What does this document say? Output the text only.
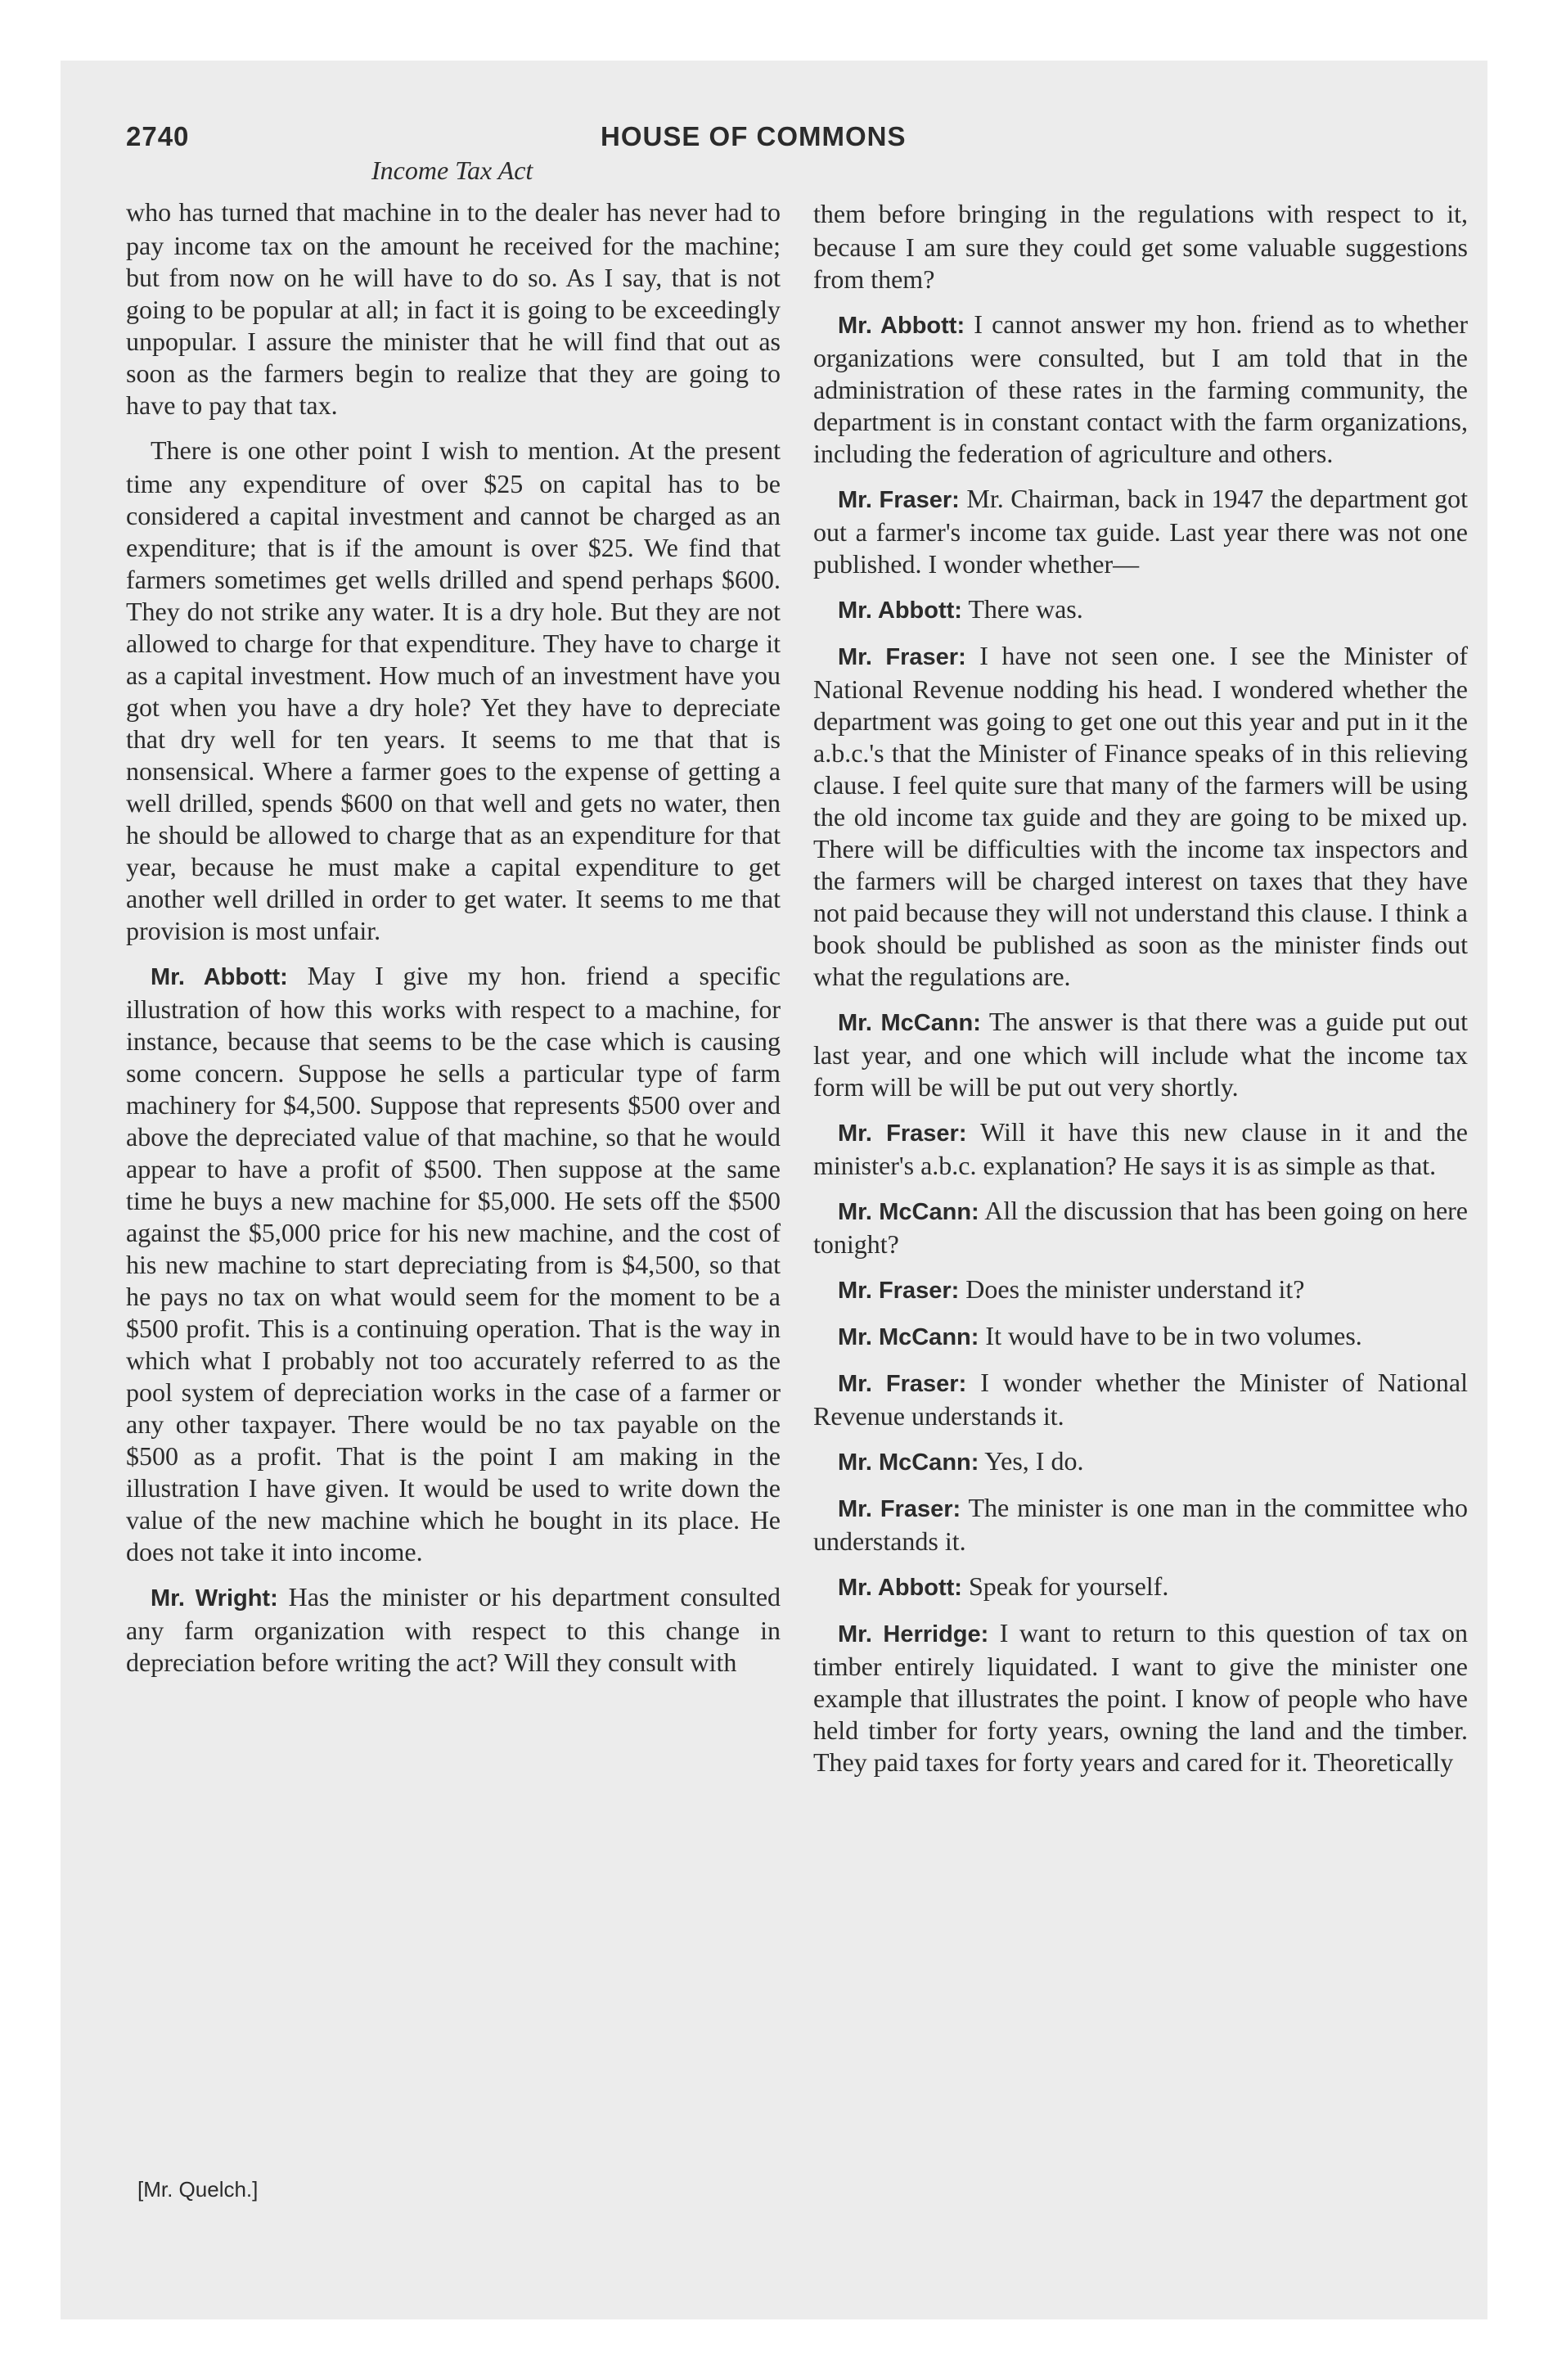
2740	HOUSE OF COMMONS
Income Tax Act

who has turned that machine in to the dealer has never had to pay income tax on the amount he received for the machine; but from now on he will have to do so. As I say, that is not going to be popular at all; in fact it is going to be exceedingly unpopular. I assure the minister that he will find that out as soon as the farmers begin to realize that they are going to have to pay that tax.

There is one other point I wish to mention. At the present time any expenditure of over $25 on capital has to be considered a capital investment and cannot be charged as an expenditure; that is if the amount is over $25. We find that farmers sometimes get wells drilled and spend perhaps $600. They do not strike any water. It is a dry hole. But they are not allowed to charge for that expenditure. They have to charge it as a capital investment. How much of an investment have you got when you have a dry hole? Yet they have to depreciate that dry well for ten years. It seems to me that that is nonsensical. Where a farmer goes to the expense of getting a well drilled, spends $600 on that well and gets no water, then he should be allowed to charge that as an expenditure for that year, because he must make a capital expenditure to get another well drilled in order to get water. It seems to me that provision is most unfair.

Mr. Abbott: May I give my hon. friend a specific illustration of how this works with respect to a machine, for instance, because that seems to be the case which is causing some concern. Suppose he sells a particular type of farm machinery for $4,500. Suppose that represents $500 over and above the depreciated value of that machine, so that he would appear to have a profit of $500. Then suppose at the same time he buys a new machine for $5,000. He sets off the $500 against the $5,000 price for his new machine, and the cost of his new machine to start depreciating from is $4,500, so that he pays no tax on what would seem for the moment to be a $500 profit. This is a continuing operation. That is the way in which what I probably not too accurately referred to as the pool system of depreciation works in the case of a farmer or any other taxpayer. There would be no tax payable on the $500 as a profit. That is the point I am making in the illustration I have given. It would be used to write down the value of the new machine which he bought in its place. He does not take it into income.

Mr. Wright: Has the minister or his department consulted any farm organization with respect to this change in depreciation before writing the act? Will they consult with

them before bringing in the regulations with respect to it, because I am sure they could get some valuable suggestions from them?

Mr. Abbott: I cannot answer my hon. friend as to whether organizations were consulted, but I am told that in the administration of these rates in the farming community, the department is in constant contact with the farm organizations, including the federation of agriculture and others.

Mr. Fraser: Mr. Chairman, back in 1947 the department got out a farmer's income tax guide. Last year there was not one published. I wonder whether—

Mr. Abbott: There was.

Mr. Fraser: I have not seen one. I see the Minister of National Revenue nodding his head. I wondered whether the department was going to get one out this year and put in it the a.b.c.'s that the Minister of Finance speaks of in this relieving clause. I feel quite sure that many of the farmers will be using the old income tax guide and they are going to be mixed up. There will be difficulties with the income tax inspectors and the farmers will be charged interest on taxes that they have not paid because they will not understand this clause. I think a book should be published as soon as the minister finds out what the regulations are.

Mr. McCann: The answer is that there was a guide put out last year, and one which will include what the income tax form will be will be put out very shortly.

Mr. Fraser: Will it have this new clause in it and the minister's a.b.c. explanation? He says it is as simple as that.

Mr. McCann: All the discussion that has been going on here tonight?

Mr. Fraser: Does the minister understand it?

Mr. McCann: It would have to be in two volumes.

Mr. Fraser: I wonder whether the Minister of National Revenue understands it.

Mr. McCann: Yes, I do.

Mr. Fraser: The minister is one man in the committee who understands it.

Mr. Abbott: Speak for yourself.

Mr. Herridge: I want to return to this question of tax on timber entirely liquidated. I want to give the minister one example that illustrates the point. I know of people who have held timber for forty years, owning the land and the timber. They paid taxes for forty years and cared for it. Theoretically

[Mr. Quelch.]
